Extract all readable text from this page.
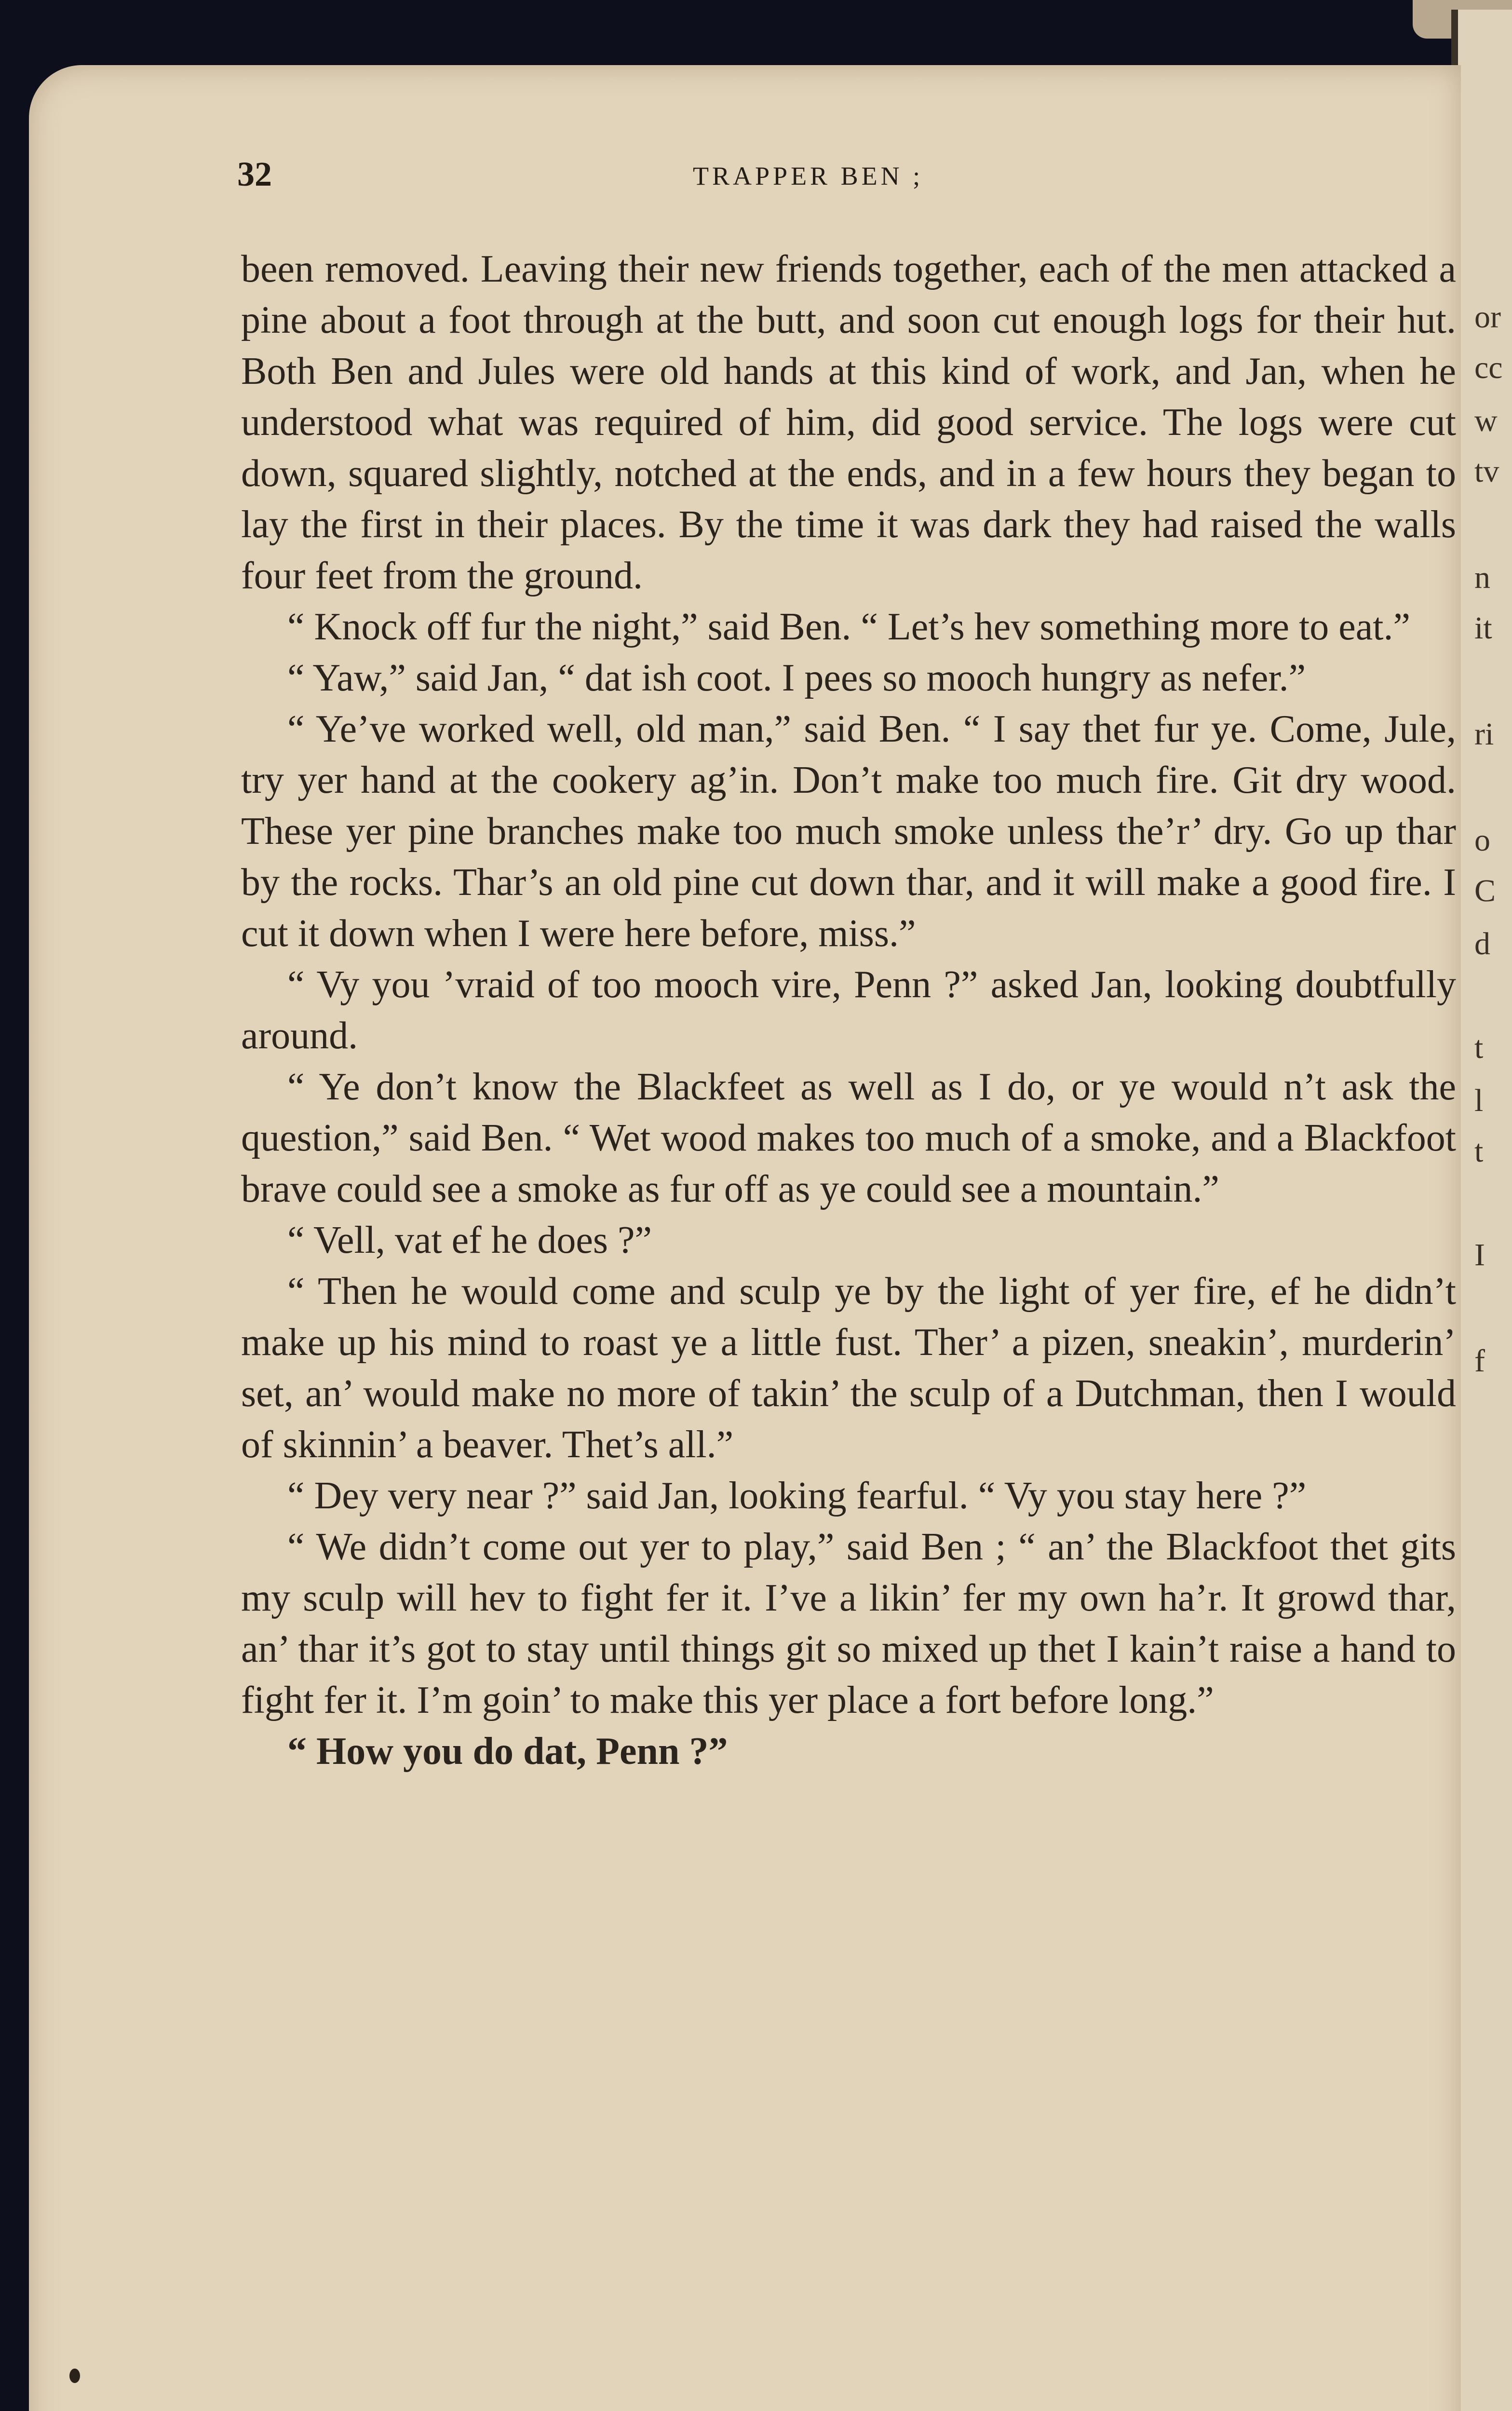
or
cc
w
tv
n
it
ri
o
C
d
t
l
t
I
f
32	TRAPPER BEN ;

been removed. Leaving their new friends together, each of the men attacked a pine about a foot through at the butt, and soon cut enough logs for their hut. Both Ben and Jules were old hands at this kind of work, and Jan, when he understood what was required of him, did good service. The logs were cut down, squared slightly, notched at the ends, and in a few hours they began to lay the first in their places. By the time it was dark they had raised the walls four feet from the ground.

“ Knock off fur the night,” said Ben. “ Let’s hev something more to eat.”

“ Yaw,” said Jan, “ dat ish coot. I pees so mooch hungry as nefer.”

“ Ye’ve worked well, old man,” said Ben. “ I say thet fur ye. Come, Jule, try yer hand at the cookery ag’in. Don’t make too much fire. Git dry wood. These yer pine branches make too much smoke unless the’r’ dry. Go up thar by the rocks. Thar’s an old pine cut down thar, and it will make a good fire. I cut it down when I were here before, miss.”

“ Vy you ’vraid of too mooch vire, Penn ?” asked Jan, looking doubtfully around.

“ Ye don’t know the Blackfeet as well as I do, or ye would n’t ask the question,” said Ben. “ Wet wood makes too much of a smoke, and a Blackfoot brave could see a smoke as fur off as ye could see a mountain.”

“ Vell, vat ef he does ?”

“ Then he would come and sculp ye by the light of yer fire, ef he didn’t make up his mind to roast ye a little fust. Ther’ a pizen, sneakin’, murderin’ set, an’ would make no more of takin’ the sculp of a Dutchman, then I would of skinnin’ a beaver. Thet’s all.”

“ Dey very near ?” said Jan, looking fearful. “ Vy you stay here ?”

“ We didn’t come out yer to play,” said Ben ; “ an’ the Blackfoot thet gits my sculp will hev to fight fer it. I’ve a likin’ fer my own ha’r. It growd thar, an’ thar it’s got to stay until things git so mixed up thet I kain’t raise a hand to fight fer it. I’m goin’ to make this yer place a fort before long.”

“ How you do dat, Penn ?”
